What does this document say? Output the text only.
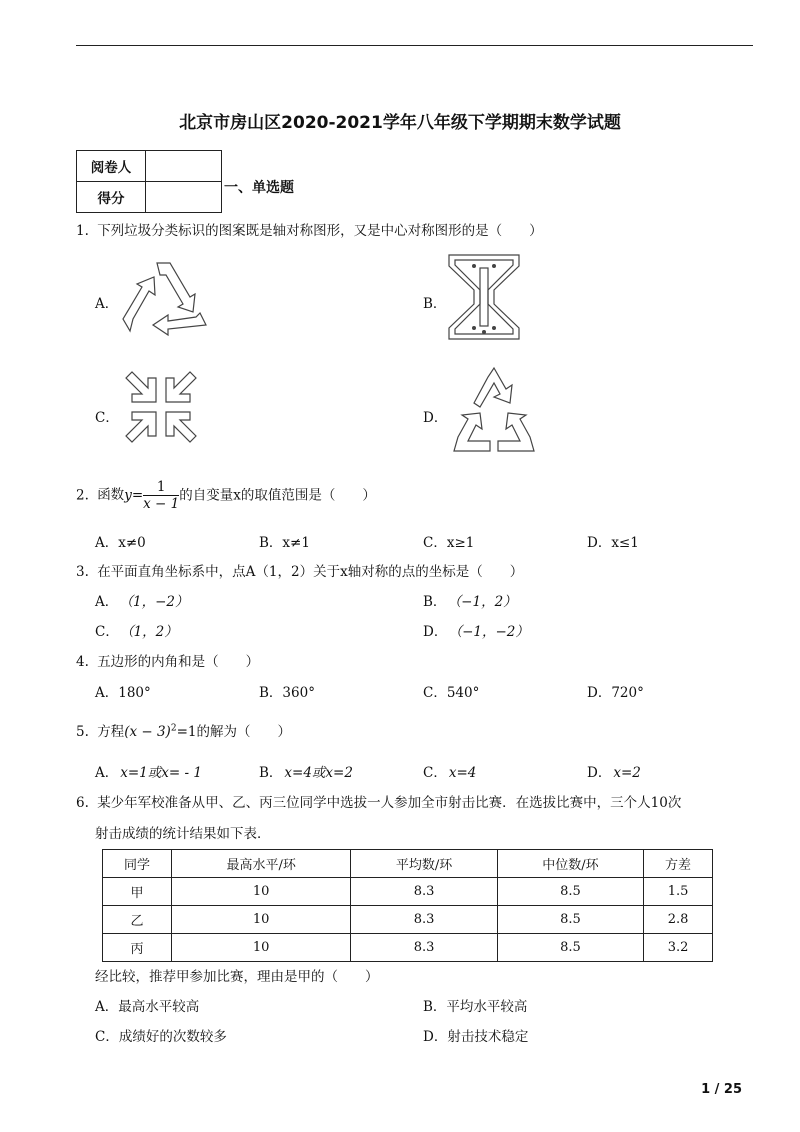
北京市房山区2020-2021学年八年级下学期期末数学试题
阅卷人	
得分	
一、单选题
1. 下列垃圾分类标识的图案既是轴对称图形，又是中心对称图形的是（　　）
A．	B．
C．	D．
2. 函数$y= \frac{1}{x - 1}$ 的自变量x的取值范围是（　　）
A．x≠0	B．x≠1	C．x≥1	D．x≤1
3. 在平面直角坐标系中，点A（1，2）关于x轴对称的点的坐标是（　　）
A． （1，−2）	B． （−1，2）
C． （1，2）	D． （−1，−2）
4. 五边形的内角和是（　　）
A．180°	B．360°	C．540°	D．720°
5. 方程$(x - 3)^2=1$的解为（　　）
A． x=1或x= - 1	B． x=4或x=2	C． x=4	D． x=2
6. 某少年军校准备从甲、乙、丙三位同学中选拔一人参加全市射击比赛．在选拔比赛中，三个人10次
射击成绩的统计结果如下表．
同学	最高水平/环	平均数/环	中位数/环	方差
甲	10	8.3	8.5	1.5
乙	10	8.3	8.5	2.8
丙	10	8.3	8.5	3.2
经比较，推荐甲参加比赛，理由是甲的（　　）
A．最高水平较高	B．平均水平较高
C．成绩好的次数较多	D．射击技术稳定
1 / 25
